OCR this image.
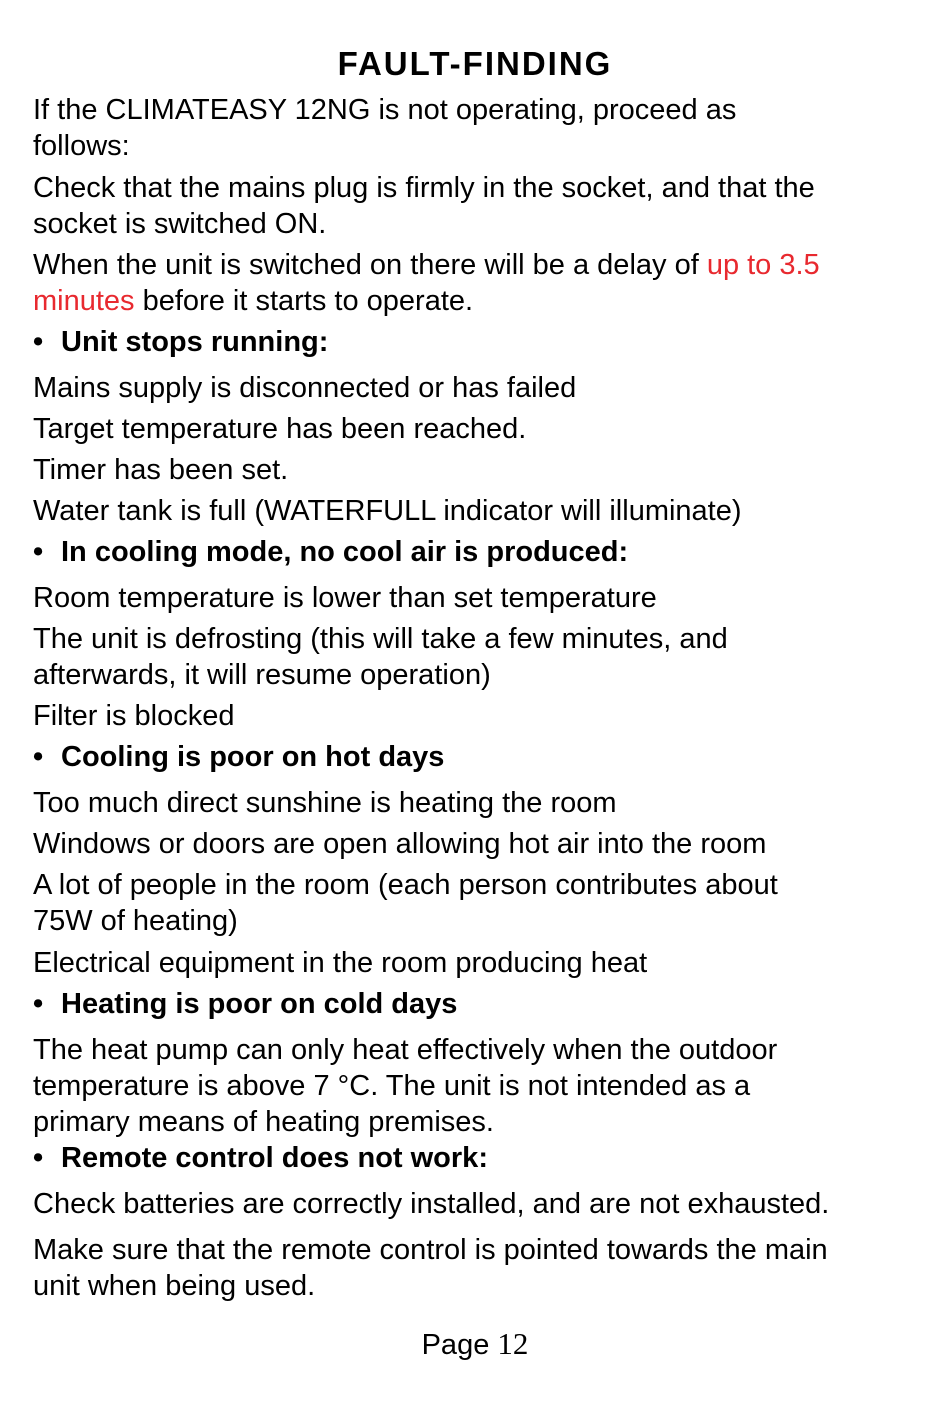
FAULT-FINDING
If the CLIMATEASY 12NG is not operating, proceed as
follows:
Check that the mains plug is firmly in the socket, and that the
socket is switched ON.
When the unit is switched on there will be a delay of up to 3.5
minutes before it starts to operate.
• Unit stops running:
Mains supply is disconnected or has failed
Target temperature has been reached.
Timer has been set.
Water tank is full (WATERFULL indicator will illuminate)
• In cooling mode, no cool air is produced:
Room temperature is lower than set temperature
The unit is defrosting (this will take a few minutes, and
afterwards, it will resume operation)
Filter is blocked
• Cooling is poor on hot days
Too much direct sunshine is heating the room
Windows or doors are open allowing hot air into the room
A lot of people in the room (each person contributes about
75W of heating)
Electrical equipment in the room producing heat
• Heating is poor on cold days
The heat pump can only heat effectively when the outdoor
temperature is above 7 °C. The unit is not intended as a
primary means of heating premises.
• Remote control does not work:
Check batteries are correctly installed, and are not exhausted.
Make sure that the remote control is pointed towards the main
unit when being used.
Page 12
